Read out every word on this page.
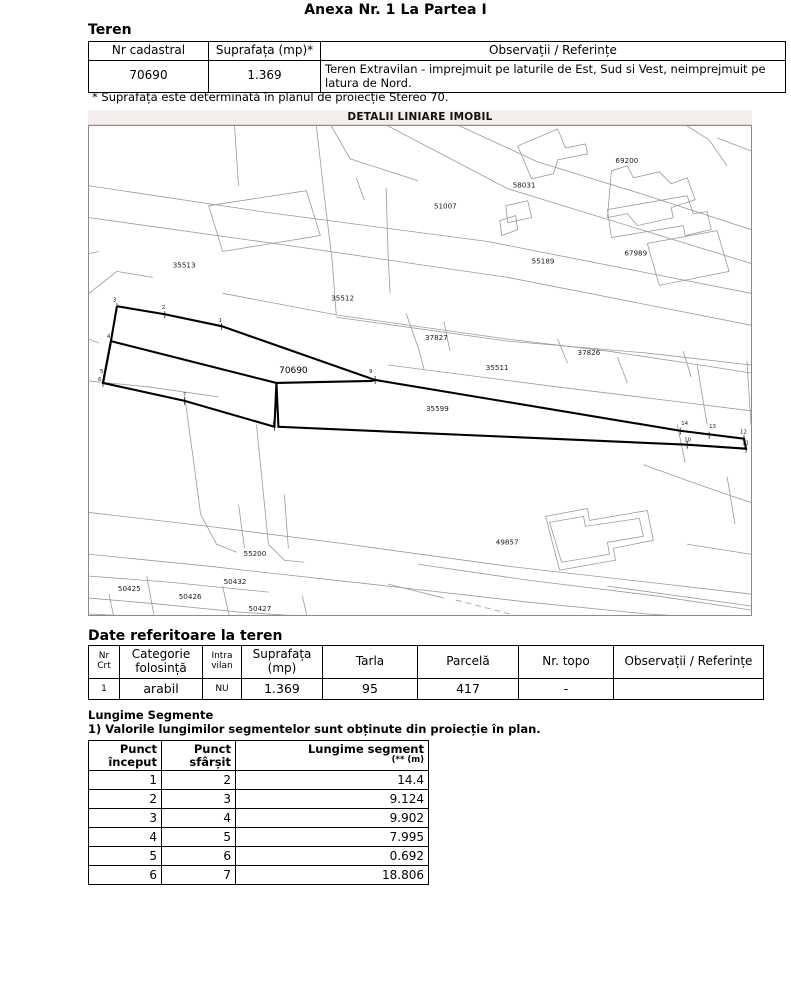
Anexa Nr. 1 La Partea I
Teren
Nr cadastral	Suprafața (mp)*	Observații / Referințe
70690	1.369	Teren Extravilan - imprejmuit pe laturile de Est, Sud si Vest, neimprejmuit pe latura de Nord.
* Suprafața este determinată în planul de proiecție Stereo 70.
DETALII LINIARE IMOBIL
70690
69200
58031
51007
67989
55189
35513
35512
37827
37826
35511
35599
49857
55200
50432
50425
50426
50427
3
2
1
4
5
6
7
8
9
14	13
12
11
10
Date referitoare la teren
Nr Crt	Categorie folosință	Intra vilan	Suprafața (mp)	Tarla	Parcelă	Nr. topo	Observații / Referințe
1	arabil	NU	1.369	95	417	-	
Lungime Segmente
1) Valorile lungimilor segmentelor sunt obținute din proiecție în plan.
Punct început	Punct sfârșit	Lungime segment
(** (m)

1	2	14.4
2	3	9.124
3	4	9.902
4	5	7.995
5	6	0.692
6	7	18.806
